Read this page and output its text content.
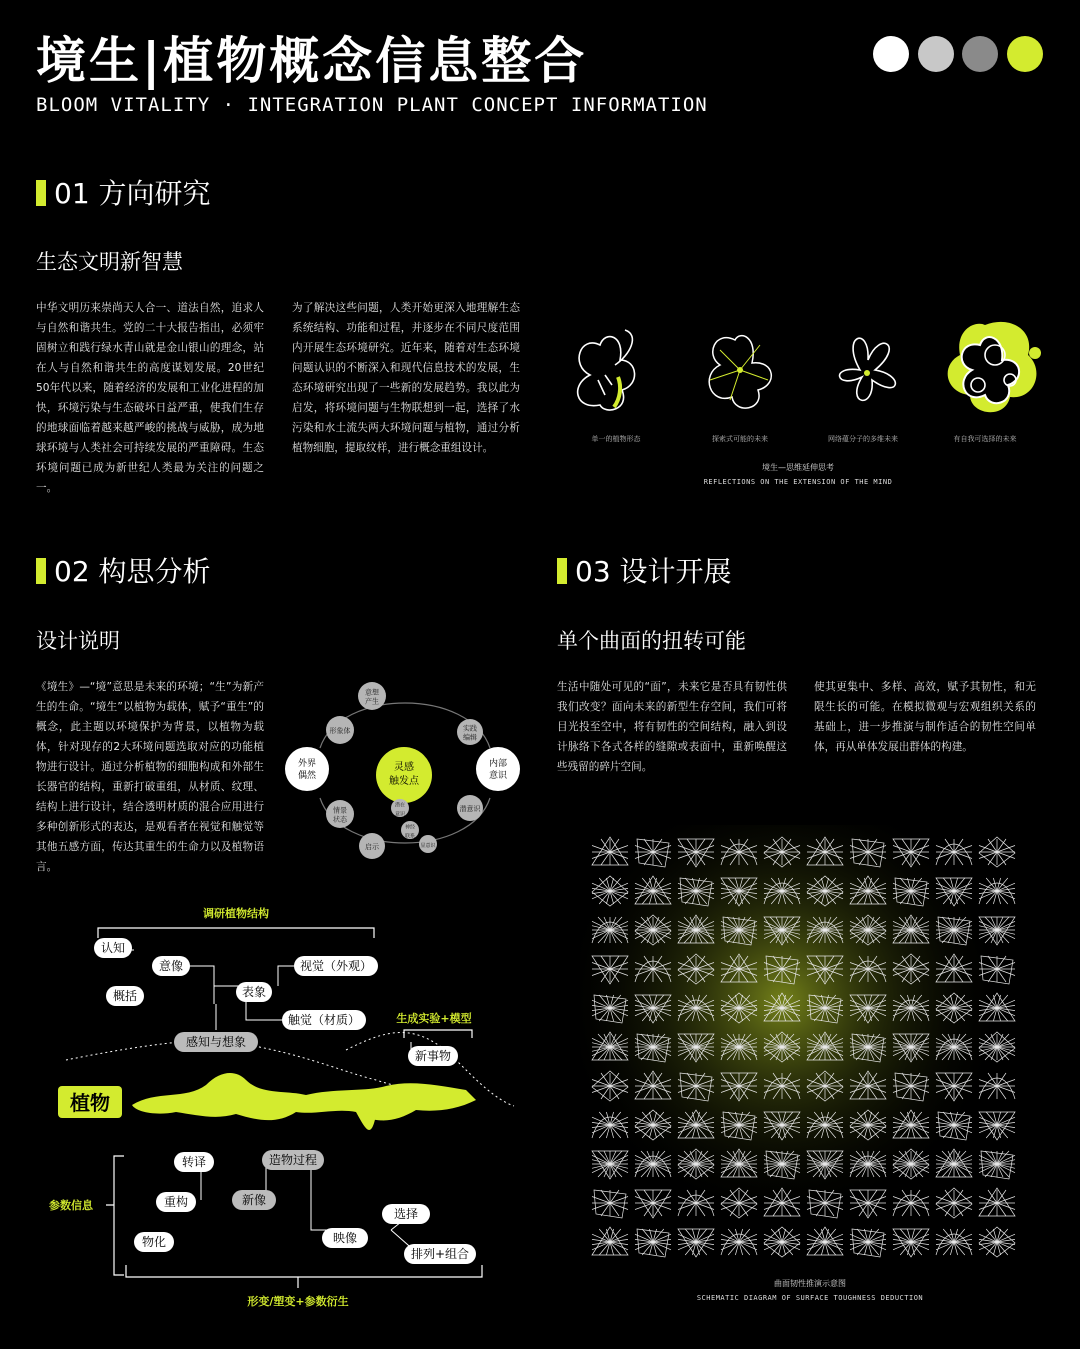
境生|植物概念信息整合
BLOOM VITALITY · INTEGRATION PLANT CONCEPT INFORMATION
01 方向研究
生态文明新智慧
中华文明历来崇尚天人合一、道法自然，追求人与自然和谐共生。党的二十大报告指出，必须牢固树立和践行绿水青山就是金山银山的理念，站在人与自然和谐共生的高度谋划发展。20世纪50年代以来，随着经济的发展和工业化进程的加快，环境污染与生态破坏日益严重，使我们生存的地球面临着越来越严峻的挑战与威胁，成为地球环境与人类社会可持续发展的严重障碍。生态环境问题已成为新世纪人类最为关注的问题之一。
为了解决这些问题，人类开始更深入地理解生态系统结构、功能和过程，并逐步在不同尺度范围内开展生态环境研究。近年来，随着对生态环境问题认识的不断深入和现代信息技术的发展，生态环境研究出现了一些新的发展趋势。我以此为启发，将环境问题与生物联想到一起，选择了水污染和水土流失两大环境问题与植物，通过分析植物细胞，提取纹样，进行概念重组设计。
单一的植物形态	探索式可能的未来	网络蕴分子的多维未来	有自我可选择的未来
境生—思维延伸思考
REFLECTIONS ON THE EXTENSION OF THE MIND
02 构思分析
设计说明
《境生》—“境”意思是未来的环境；“生”为新产生的生命。“境生”以植物为载体，赋予“重生”的概念，此主题以环境保护为背景，以植物为载体，针对现存的2大环境问题选取对应的功能植物进行设计。通过分析植物的细胞构成和外部生长器官的结构，重新打破重组，从材质、纹理、结构上进行设计，结合透明材质的混合应用进行多种创新形式的表达，是观看者在视觉和触觉等其他五感方面，传达其重生的生命力以及植物语言。
灵感
触发点
外界
偶然
内部
意识
意想
产生
形象体	实践
编辑
潜意识
情景
状态
启示
潜在
意识
神经
联系
显意识
调研植物结构
生成实验+模型
参数信息
形变/塑变+参数衍生
植物
认知
意像
概括	表象
视觉（外观）
触觉（材质）
感知与想象
新事物
转译	造物过程
重构	新像
物化
选择
映像
排列+组合
03 设计开展
单个曲面的扭转可能
生活中随处可见的“面”，未来它是否具有韧性供我们改变？面向未来的新型生存空间，我们可将目光投至空中，将有韧性的空间结构，融入到设计脉络下各式各样的缝隙或表面中，重新唤醒这些残留的碎片空间。
使其更集中、多样、高效，赋予其韧性，和无限生长的可能。在模拟微观与宏观组织关系的基础上，进一步推演与制作适合的韧性空间单体，再从单体发展出群体的构建。
曲面韧性推演示意图
SCHEMATIC DIAGRAM OF SURFACE TOUGHNESS DEDUCTION
